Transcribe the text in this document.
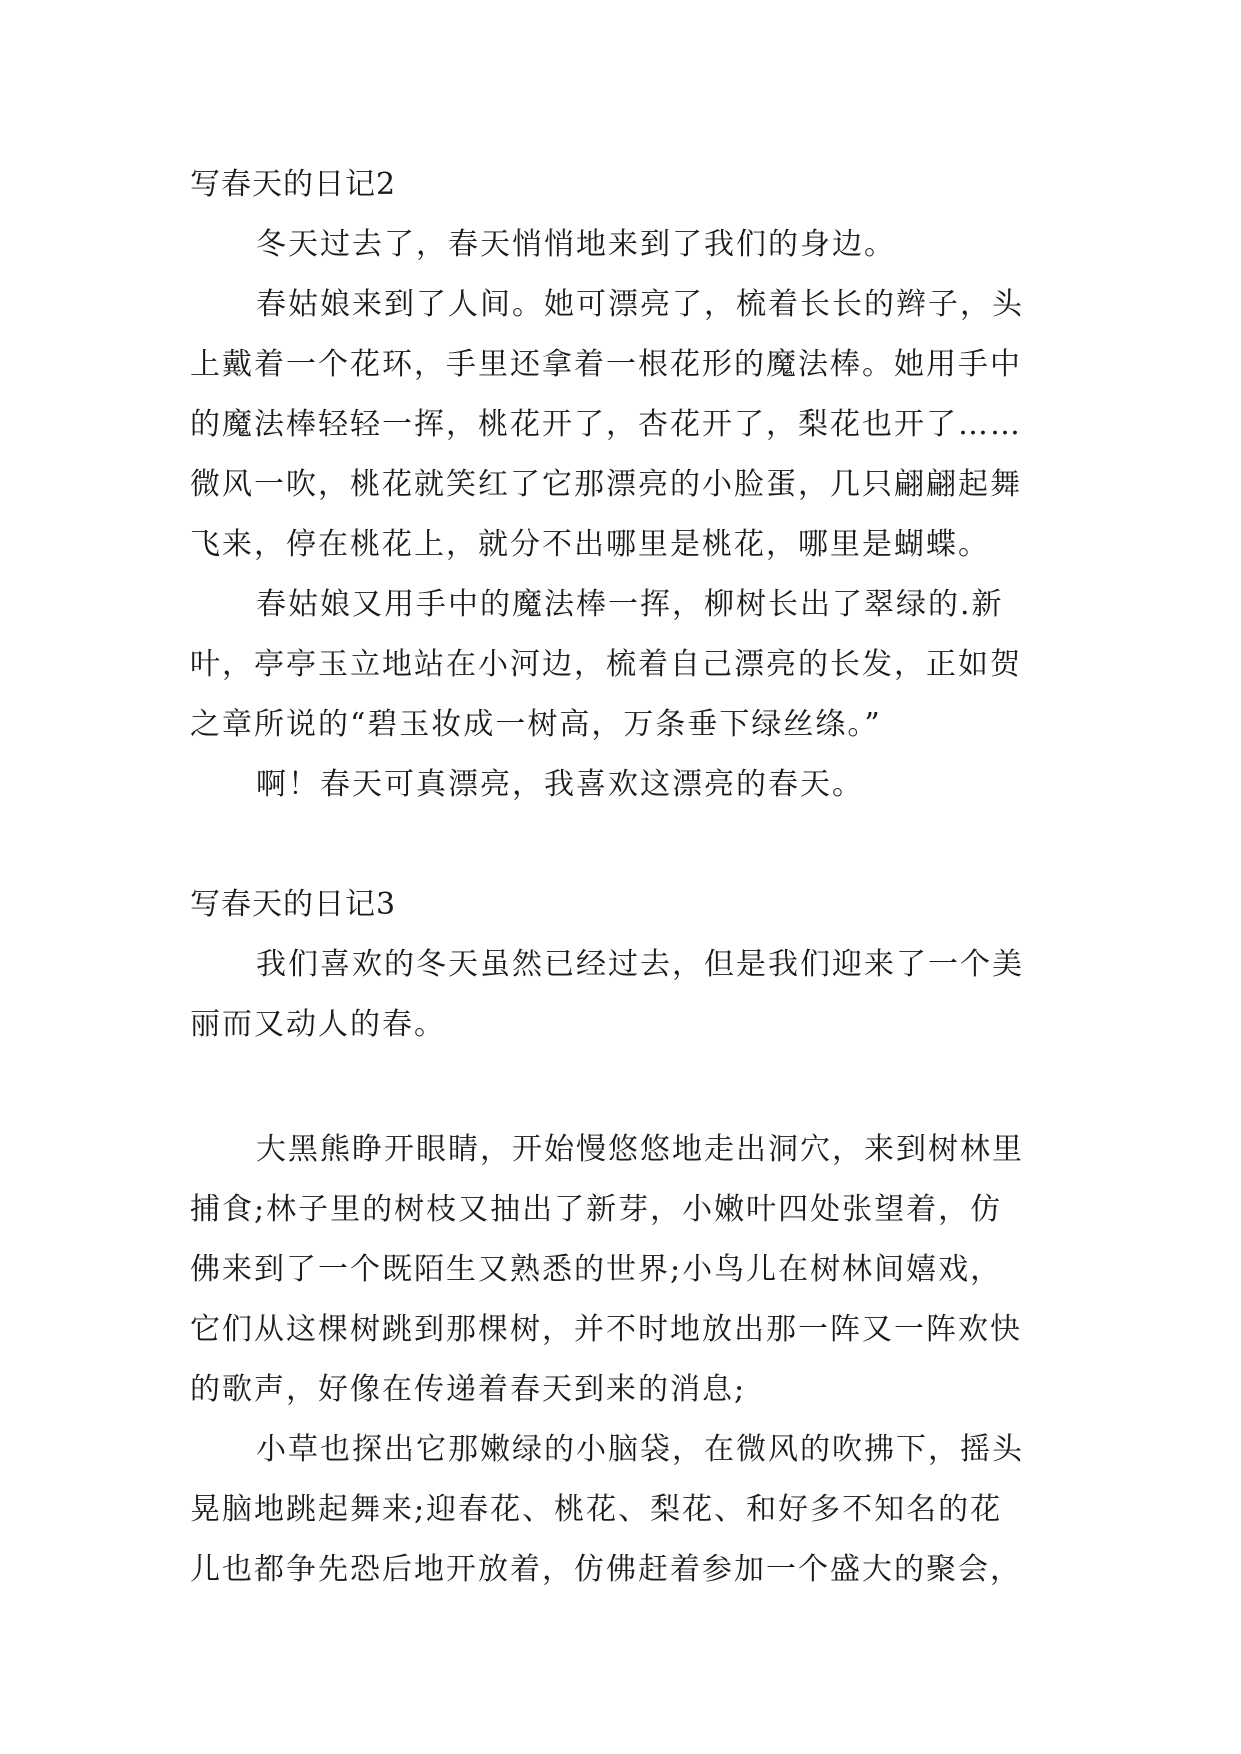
写春天的日记2
冬天过去了，春天悄悄地来到了我们的身边。
春姑娘来到了人间。她可漂亮了，梳着长长的辫子，头
上戴着一个花环，手里还拿着一根花形的魔法棒。她用手中
的魔法棒轻轻一挥，桃花开了，杏花开了，梨花也开了……
微风一吹，桃花就笑红了它那漂亮的小脸蛋，几只翩翩起舞
飞来，停在桃花上，就分不出哪里是桃花，哪里是蝴蝶。
春姑娘又用手中的魔法棒一挥，柳树长出了翠绿的.新
叶，亭亭玉立地站在小河边，梳着自己漂亮的长发，正如贺
之章所说的“碧玉妆成一树高，万条垂下绿丝绦。”
啊！春天可真漂亮，我喜欢这漂亮的春天。
写春天的日记3
我们喜欢的冬天虽然已经过去，但是我们迎来了一个美
丽而又动人的春。
大黑熊睁开眼睛，开始慢悠悠地走出洞穴，来到树林里
捕食;林子里的树枝又抽出了新芽，小嫩叶四处张望着，仿
佛来到了一个既陌生又熟悉的世界;小鸟儿在树林间嬉戏，
它们从这棵树跳到那棵树，并不时地放出那一阵又一阵欢快
的歌声，好像在传递着春天到来的消息;
小草也探出它那嫩绿的小脑袋，在微风的吹拂下，摇头
晃脑地跳起舞来;迎春花、桃花、梨花、和好多不知名的花
儿也都争先恐后地开放着，仿佛赶着参加一个盛大的聚会，
